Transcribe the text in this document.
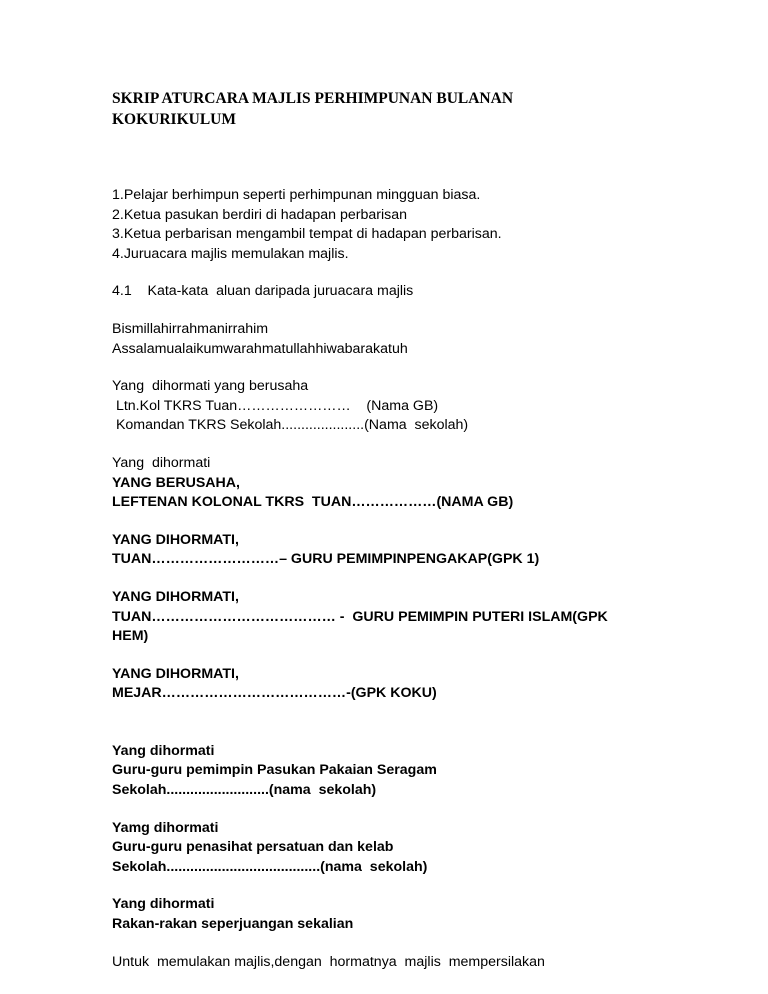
SKRIP ATURCARA MAJLIS PERHIMPUNAN BULANAN
KOKURIKULUM
1.Pelajar berhimpun seperti perhimpunan mingguan biasa.
2.Ketua pasukan berdiri di hadapan perbarisan
3.Ketua perbarisan mengambil tempat di hadapan perbarisan.
4.Juruacara majlis memulakan majlis.
4.1    Kata-kata  aluan daripada juruacara majlis
Bismillahirrahmanirrahim
Assalamualaikumwarahmatullahhiwabarakatuh
Yang  dihormati yang berusaha
Ltn.Kol TKRS Tuan……………………    (Nama GB)
Komandan TKRS Sekolah.....................(Nama  sekolah)
Yang  dihormati
YANG BERUSAHA,
LEFTENAN KOLONAL TKRS  TUAN………………(NAMA GB)
YANG DIHORMATI,
TUAN………………………– GURU PEMIMPINPENGAKAP(GPK 1)
YANG DIHORMATI,
TUAN………………………………… -  GURU PEMIMPIN PUTERI ISLAM(GPK
HEM)
YANG DIHORMATI,
MEJAR…………………………………-(GPK KOKU)
Yang dihormati
Guru-guru pemimpin Pasukan Pakaian Seragam
Sekolah..........................(nama  sekolah)
Yamg dihormati
Guru-guru penasihat persatuan dan kelab
Sekolah.......................................(nama  sekolah)
Yang dihormati
Rakan-rakan seperjuangan sekalian
Untuk  memulakan majlis,dengan  hormatnya  majlis  mempersilakan
